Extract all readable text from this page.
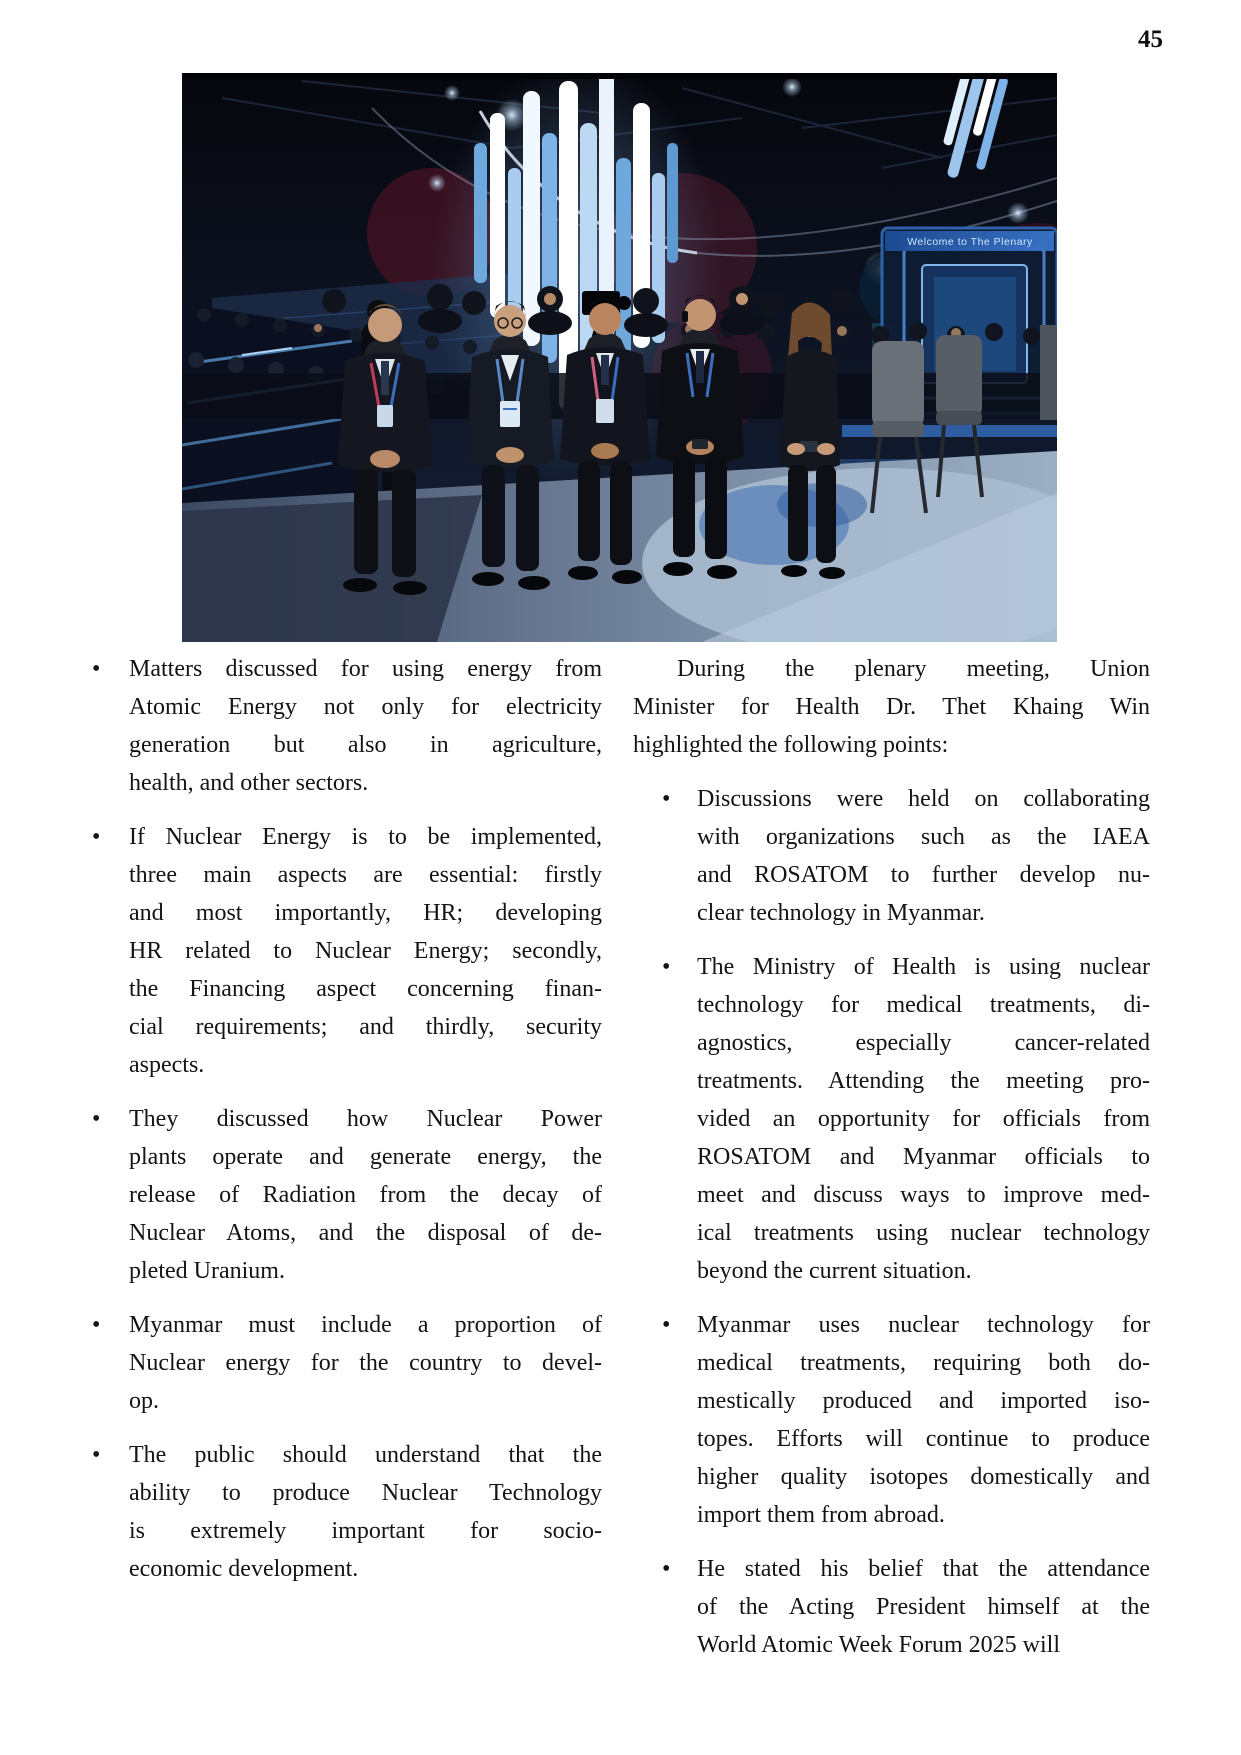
45
Welcome to The Plenary
•	Matters discussed for using energy from
Atomic Energy not only for electricity
generation but also in agriculture,
health, and other sectors.
•	If Nuclear Energy is to be implemented,
three main aspects are essential: firstly
and most importantly, HR; developing
HR related to Nuclear Energy; secondly,
the Financing aspect concerning finan-
cial requirements; and thirdly, security
aspects.
•	They discussed how Nuclear Power
plants operate and generate energy, the
release of Radiation from the decay of
Nuclear Atoms, and the disposal of de-
pleted Uranium.
•	Myanmar must include a proportion of
Nuclear energy for the country to devel-
op.
•	The public should understand that the
ability to produce Nuclear Technology
is extremely important for socio-
economic development.
During the plenary meeting, Union
Minister for Health Dr. Thet Khaing Win
highlighted the following points:
•	Discussions were held on collaborating
with organizations such as the IAEA
and ROSATOM to further develop nu-
clear technology in Myanmar.
•	The Ministry of Health is using nuclear
technology for medical treatments, di-
agnostics, especially cancer-related
treatments. Attending the meeting pro-
vided an opportunity for officials from
ROSATOM and Myanmar officials to
meet and discuss ways to improve med-
ical treatments using nuclear technology
beyond the current situation.
•	Myanmar uses nuclear technology for
medical treatments, requiring both do-
mestically produced and imported iso-
topes. Efforts will continue to produce
higher quality isotopes domestically and
import them from abroad.
•	He stated his belief that the attendance
of the Acting President himself at the
World Atomic Week Forum 2025 will
